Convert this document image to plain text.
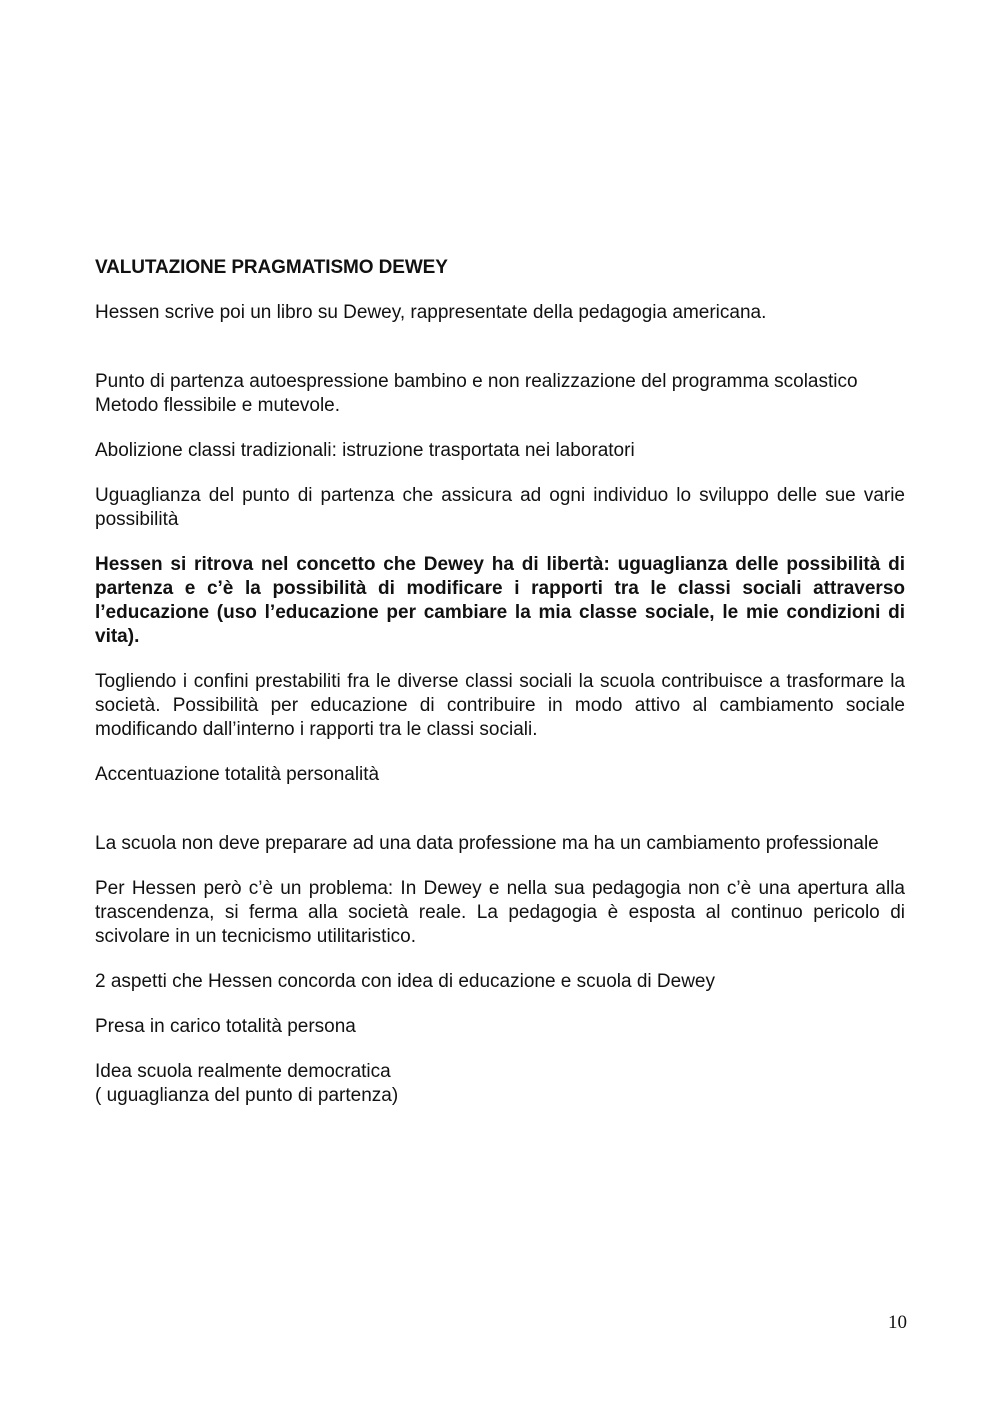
VALUTAZIONE PRAGMATISMO DEWEY
Hessen scrive poi un libro su Dewey, rappresentate della pedagogia americana.
Punto di partenza autoespressione bambino e non realizzazione del programma scolastico
Metodo flessibile e mutevole.
Abolizione classi tradizionali: istruzione trasportata nei laboratori
Uguaglianza del punto di partenza che assicura ad ogni individuo lo sviluppo delle sue varie possibilità
Hessen si ritrova nel concetto che Dewey ha di libertà: uguaglianza delle possibilità di partenza e c’è la possibilità di modificare i rapporti tra le classi sociali attraverso l’educazione (uso l’educazione per cambiare la mia classe sociale, le mie condizioni di vita).
Togliendo i confini prestabiliti fra le diverse classi sociali la scuola contribuisce a trasformare la società. Possibilità per educazione di contribuire in modo attivo al cambiamento sociale modificando dall’interno i rapporti tra le classi sociali.
Accentuazione totalità personalità
La scuola non deve preparare ad una data professione ma ha un cambiamento professionale
Per Hessen però c’è un problema: In Dewey e nella sua pedagogia non c’è una apertura alla trascendenza, si ferma alla società reale. La pedagogia è esposta al continuo pericolo di scivolare in un tecnicismo utilitaristico.
2 aspetti che Hessen concorda con idea di educazione e scuola di Dewey
Presa in carico totalità persona
Idea scuola realmente democratica
( uguaglianza del punto di partenza)
10
